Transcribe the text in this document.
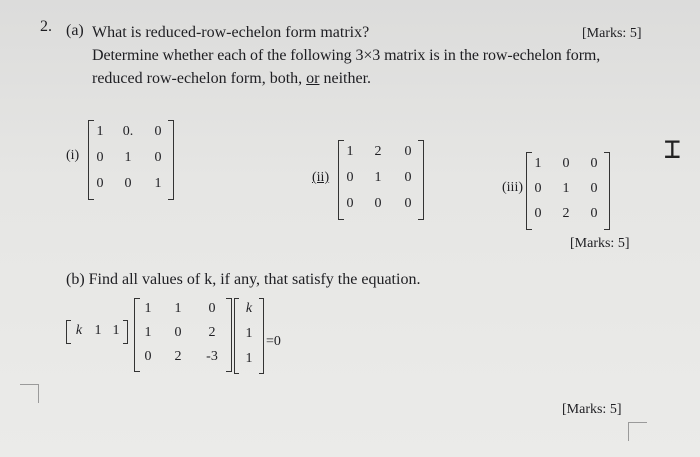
2. (a) What is reduced-row-echelon form matrix?	[Marks: 5]
Determine whether each of the following 3×3 matrix is in the row-echelon form,
reduced row-echelon form, both, or neither.
(i)
1	0.	0
0	1	0
0	0	1	(ii)
1	2	0
0	1	0
0	0	0
(iii)
1	0	0
0	1	0
0	2	0
[Marks: 5]
⌶
(b) Find all values of k, if any, that satisfy the equation.
k 1 1
1	1	0
1	0	2
0	2	-3
k
1
1
=0
[Marks: 5]
